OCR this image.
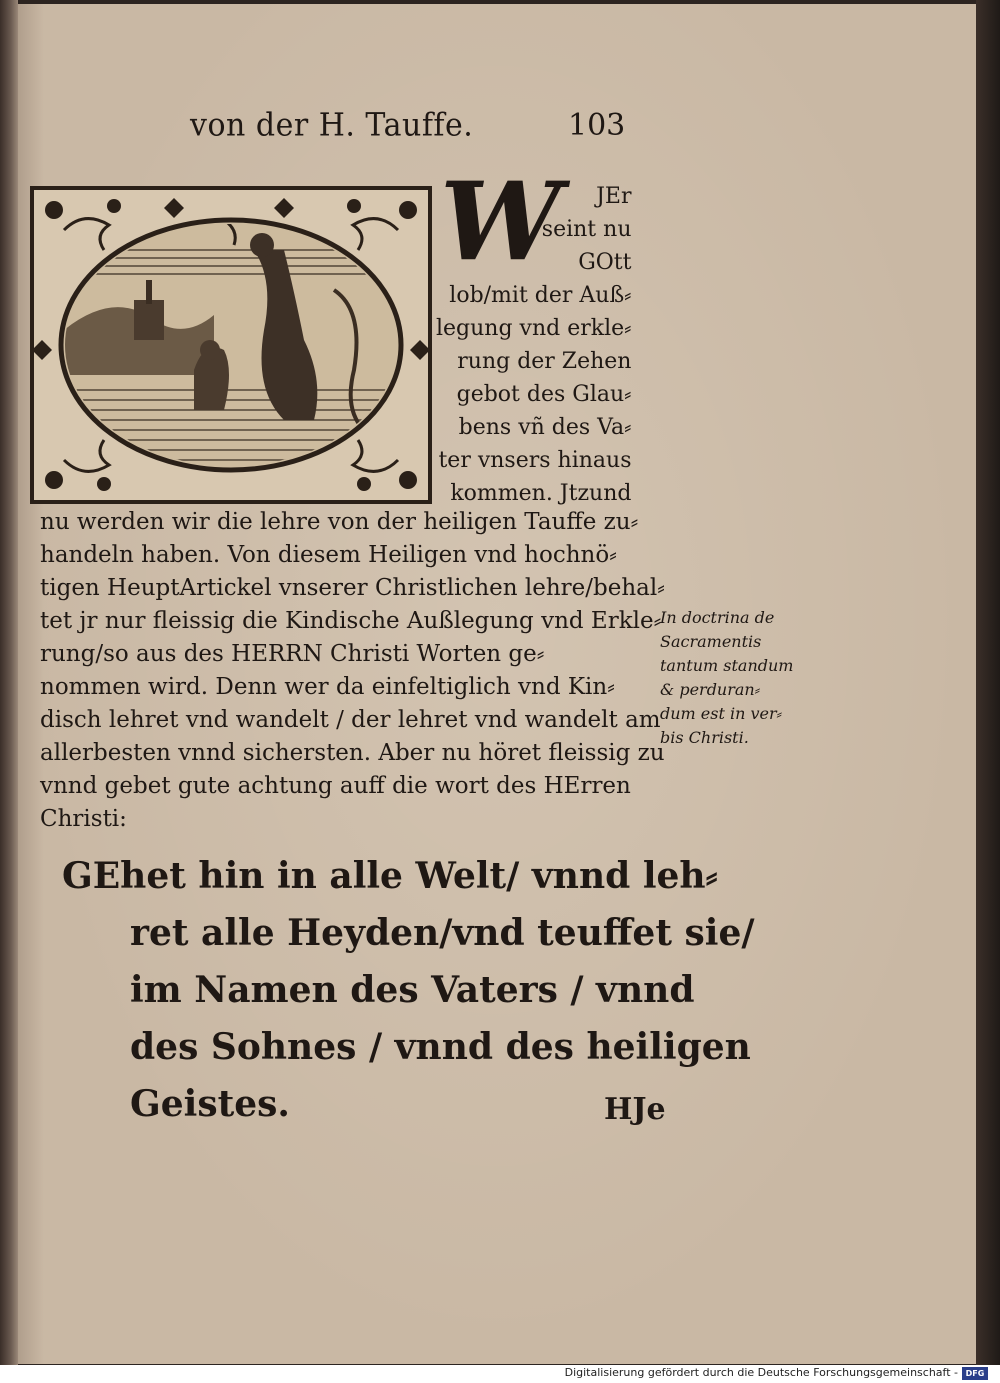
von der H. Tauffe.	103
W	JEr
seint nu
GOtt
lob/mit der Auß⸗
legung vnd erkle⸗
rung der Zehen
gebot des Glau⸗
bens vñ des Va⸗
ter vnsers hinaus
kommen. Jtzund
nu werden wir die lehre von der heiligen Tauffe zu⸗
handeln haben. Von diesem Heiligen vnd hochnö⸗
tigen HeuptArtickel vnserer Christlichen lehre/behal⸗
tet jr nur fleissig die Kindische Außlegung vnd Erkle⸗
rung/so aus des HERRN Christi Worten ge⸗
nommen wird. Denn wer da einfeltiglich vnd Kin⸗
disch lehret vnd wandelt / der lehret vnd wandelt am
allerbesten vnnd sichersten. Aber nu höret fleissig zu
vnnd gebet gute achtung auff die wort des HErren
Christi:
In doctrina de
Sacramentis
tantum standum
& perduran⸗
dum est in ver⸗
bis Christi.
GEhet hin in alle Welt/ vnnd leh⸗
ret alle Heyden/vnd teuffet sie/
im Namen des Vaters / vnnd
des Sohnes / vnnd des heiligen
Geistes.	HJe
Digitalisierung gefördert durch die Deutsche Forschungsgemeinschaft - DFG
